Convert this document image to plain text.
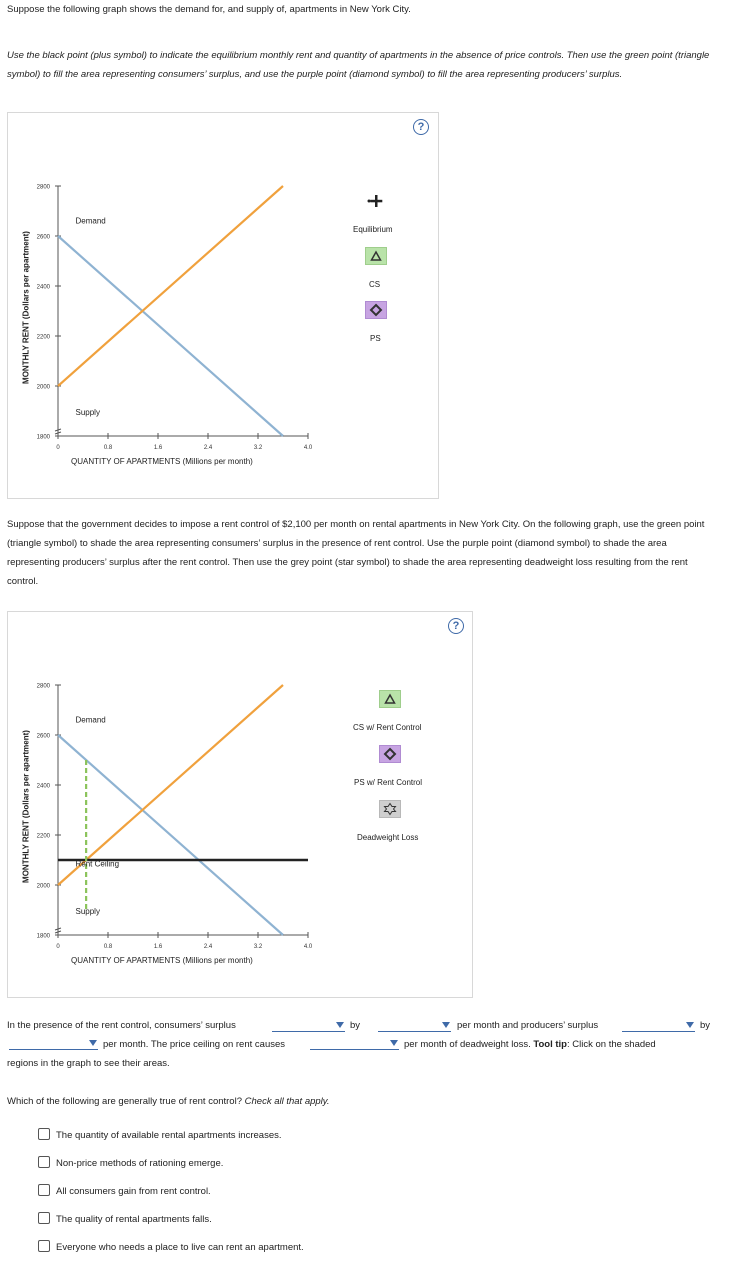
Suppose the following graph shows the demand for, and supply of, apartments in New York City.

Use the black point (plus symbol) to indicate the equilibrium monthly rent and quantity of apartments in the absence of price controls. Then use the green point (triangle symbol) to fill the area representing consumers’ surplus, and use the purple point (diamond symbol) to fill the area representing producers’ surplus.

?
MONTHLY RENT (Dollars per apartment)
2800
2600
2400
2200
2000
1800
0	0.8	1.6	2.4	3.2	4.0
Demand
Supply
QUANTITY OF APARTMENTS (Millions per month)
Equilibrium
CS
PS

Suppose that the government decides to impose a rent control of $2,100 per month on rental apartments in New York City. On the following graph, use the green point (triangle symbol) to shade the area representing consumers’ surplus in the presence of rent control. Use the purple point (diamond symbol) to shade the area representing producers’ surplus after the rent control. Then use the grey point (star symbol) to shade the area representing deadweight loss resulting from the rent control.

?
MONTHLY RENT (Dollars per apartment)
2800
2600
2400
2200
2000
1800
0	0.8	1.6	2.4	3.2	4.0
Demand
Supply
Rent Ceiling
QUANTITY OF APARTMENTS (Millions per month)
CS w/ Rent Control
PS w/ Rent Control
Deadweight Loss
In the presence of the rent control, consumers’ surplus	by	per month and producers’ surplus	by
per month. The price ceiling on rent causes	per month of deadweight loss. Tool tip: Click on the shaded
regions in the graph to see their areas.
Which of the following are generally true of rent control? Check all that apply.
The quantity of available rental apartments increases.
Non-price methods of rationing emerge.
All consumers gain from rent control.
The quality of rental apartments falls.
Everyone who needs a place to live can rent an apartment.
